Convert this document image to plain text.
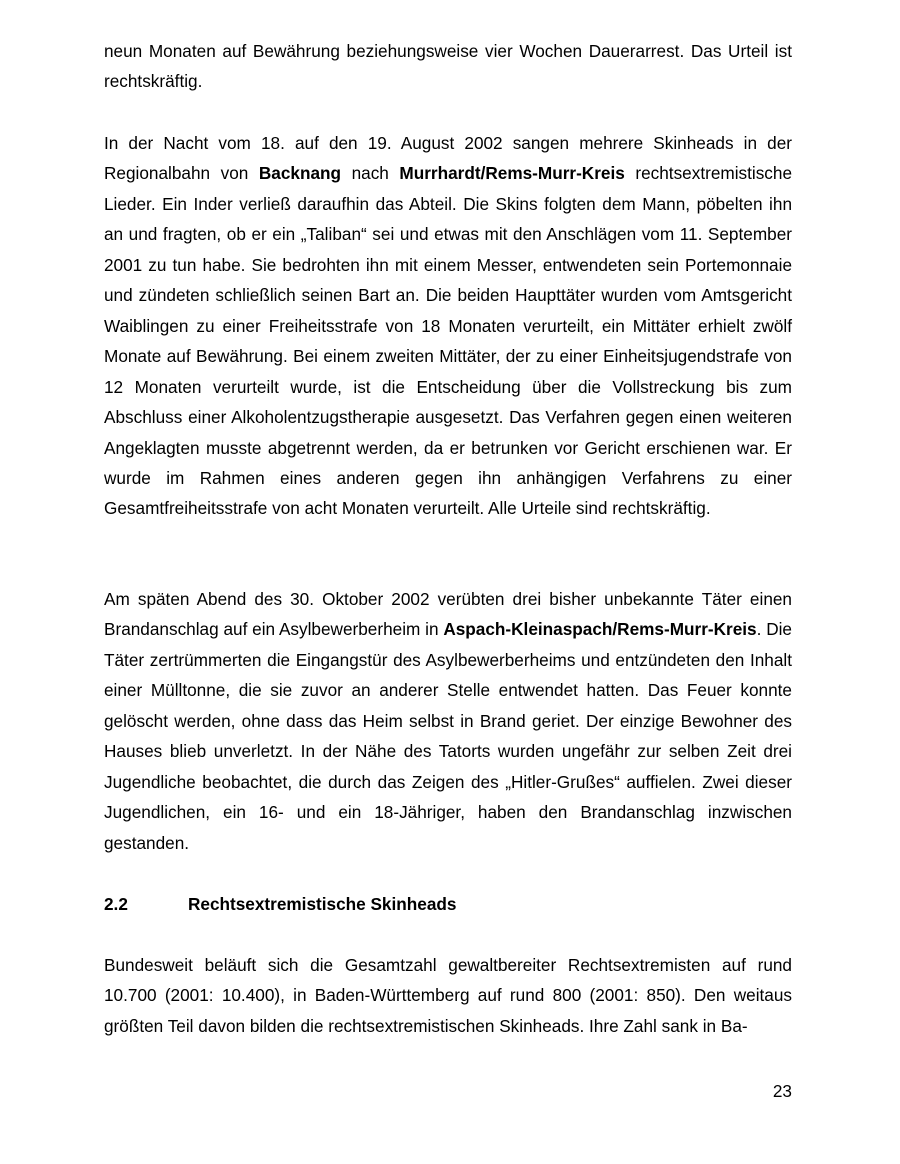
neun Monaten auf Bewährung beziehungsweise vier Wochen Dauerarrest. Das Urteil ist rechtskräftig.

In der Nacht vom 18. auf den 19. August 2002 sangen mehrere Skinheads in der Regionalbahn von Backnang nach Murrhardt/Rems-Murr-Kreis rechtsextremistische Lieder. Ein Inder verließ daraufhin das Abteil. Die Skins folgten dem Mann, pöbelten ihn an und fragten, ob er ein „Taliban“ sei und etwas mit den Anschlägen vom 11. September 2001 zu tun habe. Sie bedrohten ihn mit einem Messer, entwendeten sein Portemonnaie und zündeten schließlich seinen Bart an. Die beiden Haupttäter wurden vom Amtsgericht Waiblingen zu einer Freiheitsstrafe von 18 Monaten verurteilt, ein Mittäter erhielt zwölf Monate auf Bewährung. Bei einem zweiten Mittäter, der zu einer Einheitsjugendstrafe von 12 Monaten verurteilt wurde, ist die Entscheidung über die Vollstreckung bis zum Abschluss einer Alkoholentzugstherapie ausgesetzt. Das Verfahren gegen einen weiteren Angeklagten musste abgetrennt werden, da er betrunken vor Gericht erschienen war. Er wurde im Rahmen eines anderen gegen ihn anhängigen Verfahrens zu einer Gesamtfreiheitsstrafe von acht Monaten verurteilt. Alle Urteile sind rechtskräftig.

Am späten Abend des 30. Oktober 2002 verübten drei bisher unbekannte Täter einen Brandanschlag auf ein Asylbewerberheim in Aspach-Kleinaspach/Rems-Murr-Kreis. Die Täter zertrümmerten die Eingangstür des Asylbewerberheims und entzündeten den Inhalt einer Mülltonne, die sie zuvor an anderer Stelle entwendet hatten. Das Feuer konnte gelöscht werden, ohne dass das Heim selbst in Brand geriet. Der einzige Bewohner des Hauses blieb unverletzt. In der Nähe des Tatorts wurden ungefähr zur selben Zeit drei Jugendliche beobachtet, die durch das Zeigen des „Hitler-Grußes“ auffielen. Zwei dieser Jugendlichen, ein 16- und ein 18-Jähriger, haben den Brandanschlag inzwischen gestanden.

2.2	Rechtsextremistische Skinheads

Bundesweit beläuft sich die Gesamtzahl gewaltbereiter Rechtsextremisten auf rund 10.700 (2001: 10.400), in Baden-Württemberg auf rund 800 (2001: 850). Den weitaus größten Teil davon bilden die rechtsextremistischen Skinheads. Ihre Zahl sank in Ba-

23
